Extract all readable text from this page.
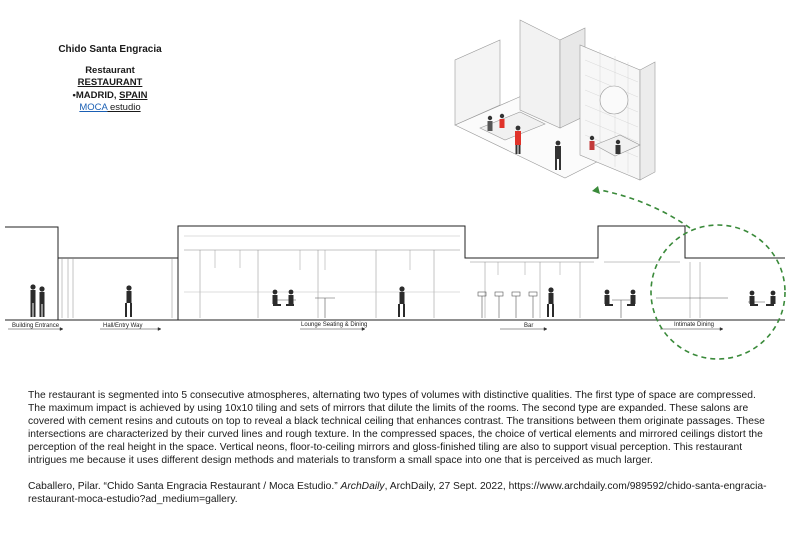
Chido Santa Engracia
Restaurant
RESTAURANT
•MADRID, SPAIN
MOCA estudio
Building Entrance	Hall/Entry Way	Lounge Seating & Dining	Bar	Intimate Dining

The restaurant is segmented into 5 consecutive atmospheres, alternating two types of volumes with distinctive qualities. The first type of space are compressed. The maximum impact is achieved by using 10x10 tiling and sets of mirrors that dilute the limits of the rooms. The second type are expanded. These salons are covered with cement resins and cutouts on top to reveal a black technical ceiling that enhances contrast. The transitions between them originate passages. These intersections are characterized by their curved lines and rough texture. In the compressed spaces, the choice of vertical elements and mirrored ceilings distort the perception of the real height in the space. Vertical neons, floor-to-ceiling mirrors and gloss-finished tiling are also to support visual perception. This restaurant intrigues me because it uses different design methods and materials to transform a small space into one that is perceived as much larger.

Caballero, Pilar. “Chido Santa Engracia Restaurant / Moca Estudio.” ArchDaily, ArchDaily, 27 Sept. 2022, https://www.archdaily.com/989592/chido-santa-engracia-restaurant-moca-estudio?ad_medium=gallery.
